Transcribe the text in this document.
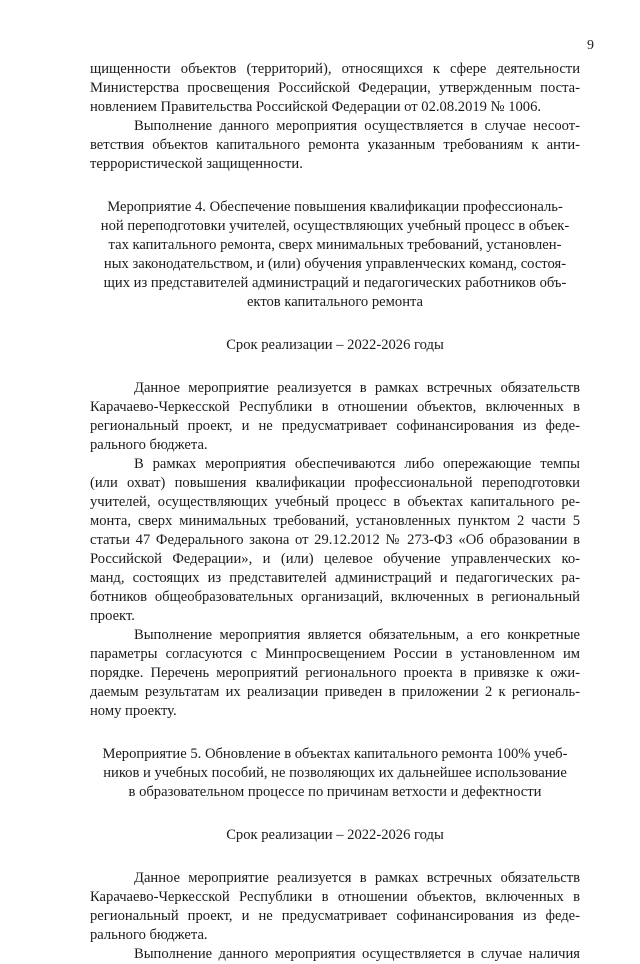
9
щищенности объектов (территорий), относящихся к сфере деятельности
Министерства просвещения Российской Федерации, утвержденным поста-
новлением Правительства Российской Федерации от 02.08.2019 № 1006.
Выполнение данного мероприятия осуществляется в случае несоот-
ветствия объектов капитального ремонта указанным требованиям к анти-
террористической защищенности.
Мероприятие 4. Обеспечение повышения квалификации профессиональ-
ной переподготовки учителей, осуществляющих учебный процесс в объек-
тах капитального ремонта, сверх минимальных требований, установлен-
ных законодательством, и (или) обучения управленческих команд, состоя-
щих из представителей администраций и педагогических работников объ-
ектов капитального ремонта
Срок реализации – 2022-2026 годы
Данное мероприятие реализуется в рамках встречных обязательств
Карачаево-Черкесской Республики в отношении объектов, включенных в
региональный проект, и не предусматривает софинансирования из феде-
рального бюджета.
В рамках мероприятия обеспечиваются либо опережающие темпы
(или охват) повышения квалификации профессиональной переподготовки
учителей, осуществляющих учебный процесс в объектах капитального ре-
монта, сверх минимальных требований, установленных пунктом 2 части 5
статьи 47 Федерального закона от 29.12.2012 № 273-ФЗ «Об образовании в
Российской Федерации», и (или) целевое обучение управленческих ко-
манд, состоящих из представителей администраций и педагогических ра-
ботников общеобразовательных организаций, включенных в региональный
проект.
Выполнение мероприятия является обязательным, а его конкретные
параметры согласуются с Минпросвещением России в установленном им
порядке. Перечень мероприятий регионального проекта в привязке к ожи-
даемым результатам их реализации приведен в приложении 2 к региональ-
ному проекту.
Мероприятие 5. Обновление в объектах капитального ремонта 100% учеб-
ников и учебных пособий, не позволяющих их дальнейшее использование
в образовательном процессе по причинам ветхости и дефектности
Срок реализации – 2022-2026 годы
Данное мероприятие реализуется в рамках встречных обязательств
Карачаево-Черкесской Республики в отношении объектов, включенных в
региональный проект, и не предусматривает софинансирования из феде-
рального бюджета.
Выполнение данного мероприятия осуществляется в случае наличия
